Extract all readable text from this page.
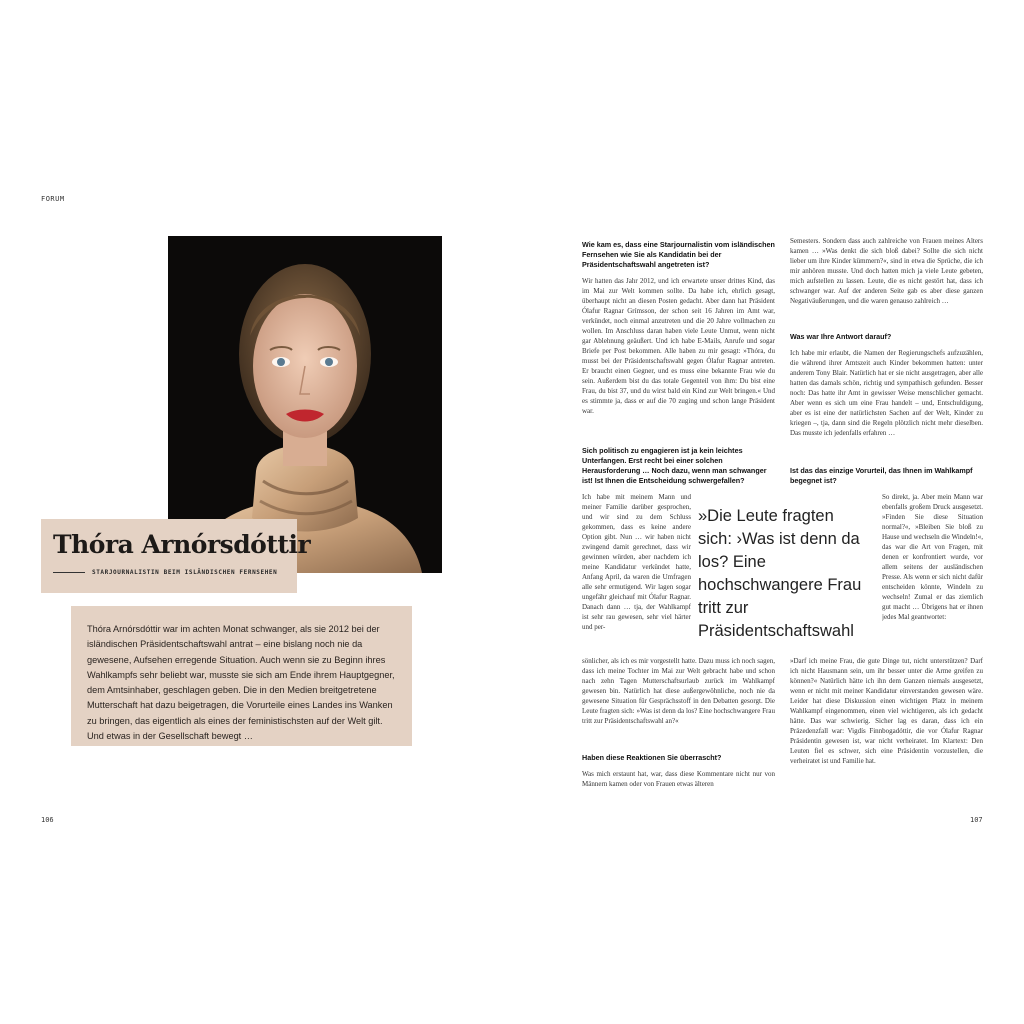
FORUM
Thóra Arnórsdóttir
STARJOURNALISTIN BEIM ISLÄNDISCHEN FERNSEHEN
Thóra Arnórsdóttir war im achten Monat schwanger, als sie 2012 bei der isländischen Präsidentschaftswahl antrat – eine bislang noch nie da gewesene, Aufsehen erregende Situation. Auch wenn sie zu Beginn ihres Wahlkampfs sehr beliebt war, musste sie sich am Ende ihrem Hauptgegner, dem Amtsinhaber, geschlagen geben. Die in den Medien breitgetretene Mutterschaft hat dazu beigetragen, die Vorurteile eines Landes ins Wanken zu bringen, das eigentlich als eines der feministischsten auf der Welt gilt. Und etwas in der Gesellschaft bewegt …
106
Wie kam es, dass eine Starjournalistin vom isländischen Fernsehen wie Sie als Kandidatin bei der Präsidentschaftswahl angetreten ist?
Wir hatten das Jahr 2012, und ich erwartete unser drittes Kind, das im Mai zur Welt kommen sollte. Da habe ich, ehrlich gesagt, überhaupt nicht an diesen Posten gedacht. Aber dann hat Präsident Ólafur Ragnar Grímsson, der schon seit 16 Jahren im Amt war, verkündet, noch einmal anzutreten und die 20 Jahre vollmachen zu wollen. Im Anschluss daran haben viele Leute Unmut, wenn nicht gar Ablehnung geäußert. Und ich habe E-Mails, Anrufe und sogar Briefe per Post bekommen. Alle haben zu mir gesagt: »Thóra, du musst bei der Präsidentschaftswahl gegen Ólafur Ragnar antreten. Er braucht einen Gegner, und es muss eine bekannte Frau wie du sein. Außerdem bist du das totale Gegenteil von ihm: Du bist eine Frau, du bist 37, und du wirst bald ein Kind zur Welt bringen.« Und es stimmte ja, dass er auf die 70 zuging und schon lange Präsident war.
Sich politisch zu engagieren ist ja kein leichtes Unterfangen. Erst recht bei einer solchen Herausforderung … Noch dazu, wenn man schwanger ist! Ist Ihnen die Entscheidung schwergefallen?
Ich habe mit meinem Mann und meiner Familie darüber gesprochen, und wir sind zu dem Schluss gekommen, dass es keine andere Option gibt. Nun … wir haben nicht zwingend damit gerechnet, dass wir gewinnen würden, aber nachdem ich meine Kandidatur verkündet hatte, Anfang April, da waren die Umfragen alle sehr ermutigend. Wir lagen sogar ungefähr gleichauf mit Ólafur Ragnar. Danach dann … tja, der Wahlkampf ist sehr rau gewesen, sehr viel härter und per-
»Die Leute fragten sich: ›Was ist denn da los? Eine hochschwangere Frau tritt zur Präsidentschaftswahl
sönlicher, als ich es mir vorgestellt hatte. Dazu muss ich noch sagen, dass ich meine Tochter im Mai zur Welt gebracht habe und schon nach zehn Tagen Mutterschaftsurlaub zurück im Wahlkampf gewesen bin. Natürlich hat diese außergewöhnliche, noch nie da gewesene Situation für Gesprächsstoff in den Debatten gesorgt. Die Leute fragten sich: »Was ist denn da los? Eine hochschwangere Frau tritt zur Präsidentschaftswahl an?«
Haben diese Reaktionen Sie überrascht?
Was mich erstaunt hat, war, dass diese Kommentare nicht nur von Männern kamen oder von Frauen etwas älteren
Semesters. Sondern dass auch zahlreiche von Frauen meines Alters kamen … »Was denkt die sich bloß dabei? Sollte die sich nicht lieber um ihre Kinder kümmern?«, sind in etwa die Sprüche, die ich mir anhören musste. Und doch hatten mich ja viele Leute gebeten, mich aufstellen zu lassen. Leute, die es nicht gestört hat, dass ich schwanger war. Auf der anderen Seite gab es aber diese ganzen Negativäußerungen, und die waren genauso zahlreich …
Was war Ihre Antwort darauf?
Ich habe mir erlaubt, die Namen der Regierungschefs aufzuzählen, die während ihrer Amtszeit auch Kinder bekommen hatten: unter anderem Tony Blair. Natürlich hat er sie nicht ausgetragen, aber alle hatten das damals schön, richtig und sympathisch gefunden. Besser noch: Das hatte ihr Amt in gewisser Weise menschlicher gemacht. Aber wenn es sich um eine Frau handelt – und, Entschuldigung, aber es ist eine der natürlichsten Sachen auf der Welt, Kinder zu kriegen –, tja, dann sind die Regeln plötzlich nicht mehr dieselben. Das musste ich jedenfalls erfahren …
Ist das das einzige Vorurteil, das Ihnen im Wahlkampf begegnet ist?
So direkt, ja. Aber mein Mann war ebenfalls großem Druck ausgesetzt. »Finden Sie diese Situation normal?«, »Bleiben Sie bloß zu Hause und wechseln die Windeln!«, das war die Art von Fragen, mit denen er konfrontiert wurde, vor allem seitens der ausländischen Presse. Als wenn er sich nicht dafür entscheiden könnte, Windeln zu wechseln! Zumal er das ziemlich gut macht … Übrigens hat er ihnen jedes Mal geantwortet:
»Darf ich meine Frau, die gute Dinge tut, nicht unterstützen? Darf ich nicht Hausmann sein, um ihr besser unter die Arme greifen zu können?« Natürlich hätte ich ihn dem Ganzen niemals ausgesetzt, wenn er nicht mit meiner Kandidatur einverstanden gewesen wäre. Leider hat diese Diskussion einen wichtigen Platz in meinem Wahlkampf eingenommen, einen viel wichtigeren, als ich gedacht hätte. Das war schwierig. Sicher lag es daran, dass ich ein Präzedenzfall war: Vigdís Finnbogadóttir, die vor Ólafur Ragnar Präsidentin gewesen ist, war nicht verheiratet. Im Klartext: Den Leuten fiel es schwer, sich eine Präsidentin vorzustellen, die verheiratet ist und Familie hat.
107
